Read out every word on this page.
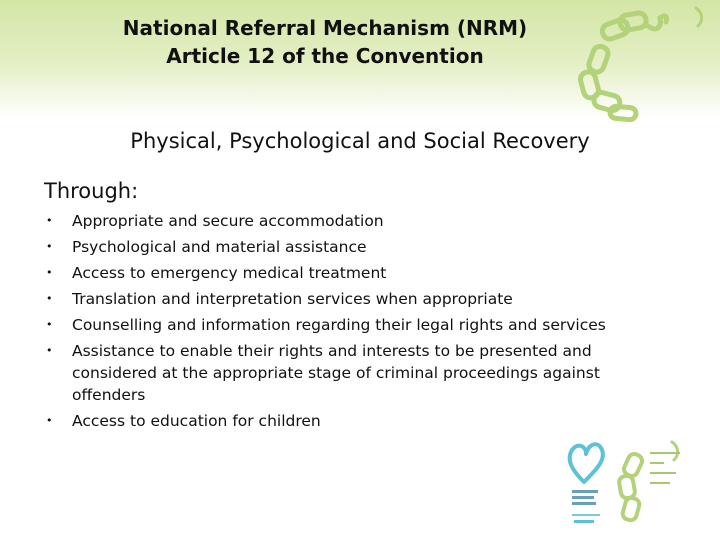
National Referral Mechanism (NRM)
Article 12 of the Convention

Physical, Psychological and Social Recovery

Through:

• Appropriate and secure accommodation
• Psychological and material assistance
• Access to emergency medical treatment
• Translation and interpretation services when appropriate
• Counselling and information regarding their legal rights and services
• Assistance to enable their rights and interests to be presented and considered at the appropriate stage of criminal proceedings against offenders
• Access to education for children
